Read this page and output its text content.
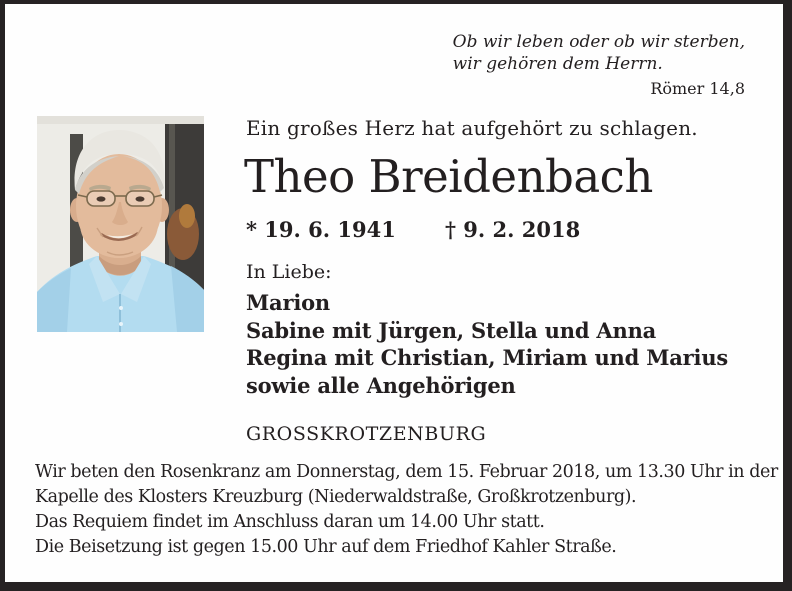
Ob wir leben oder ob wir sterben,
wir gehören dem Herrn.
Römer 14,8
Ein großes Herz hat aufgehört zu schlagen.
Theo Breidenbach
* 19. 6. 1941 † 9. 2. 2018
In Liebe:
Marion
Sabine mit Jürgen, Stella und Anna
Regina mit Christian, Miriam und Marius
sowie alle Angehörigen
GROSSKROTZENBURG
Wir beten den Rosenkranz am Donnerstag, dem 15. Februar 2018, um 13.30 Uhr in der
Kapelle des Klosters Kreuzburg (Niederwaldstraße, Großkrotzenburg).
Das Requiem findet im Anschluss daran um 14.00 Uhr statt.
Die Beisetzung ist gegen 15.00 Uhr auf dem Friedhof Kahler Straße.
